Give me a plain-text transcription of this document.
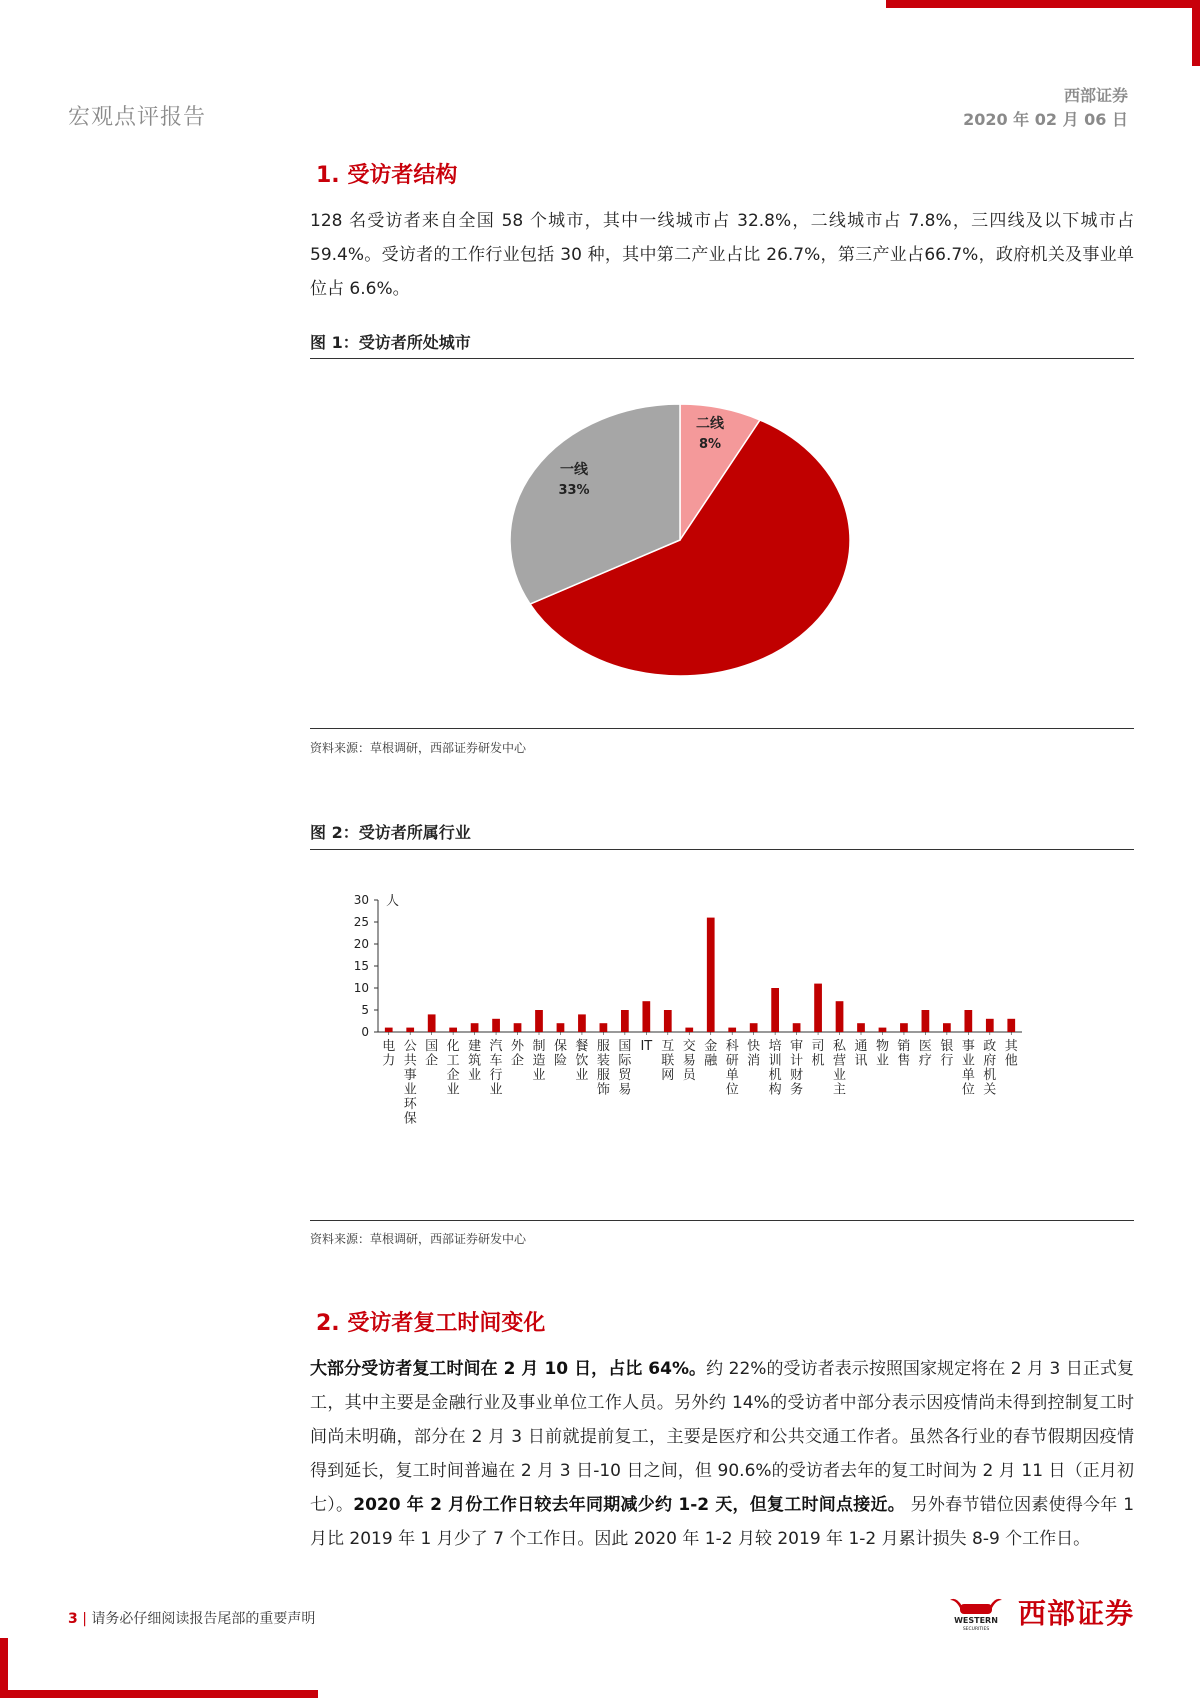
宏观点评报告
西部证券
2020 年 02 月 06 日
1. 受访者结构
128 名受访者来自全国 58 个城市，其中一线城市占 32.8%，二线城市占 7.8%，三四线及以下城市占 59.4%。受访者的工作行业包括 30 种，其中第二产业占比 26.7%，第三产业占66.7%，政府机关及事业单位占 6.6%。
图 1：受访者所处城市
二线
8%
三四线及以下
59%
一线
33%
资料来源：草根调研，西部证券研发中心
图 2：受访者所属行业
0
5
10
15
20
25
30 人
电力
公共事业环保
国企
化工企业
建筑业
汽车行业
外企
制造业
保险
餐饮业
服装服饰
国际贸易
IT 互联网
交易员
金融
科研单位
快消
培训机构
审计财务
司机
私营业主
通讯
物业
销售
医疗
银行
事业单位
政府机关
其他
资料来源：草根调研，西部证券研发中心
2. 受访者复工时间变化
大部分受访者复工时间在 2 月 10 日，占比 64%。约 22%的受访者表示按照国家规定将在 2 月 3 日正式复工，其中主要是金融行业及事业单位工作人员。另外约 14%的受访者中部分表示因疫情尚未得到控制复工时间尚未明确，部分在 2 月 3 日前就提前复工，主要是医疗和公共交通工作者。虽然各行业的春节假期因疫情得到延长，复工时间普遍在 2 月 3 日-10 日之间，但 90.6%的受访者去年的复工时间为 2 月 11 日（正月初七）。2020 年 2 月份工作日较去年同期减少约 1-2 天，但复工时间点接近。 另外春节错位因素使得今年 1 月比 2019 年 1 月少了 7 个工作日。因此 2020 年 1-2 月较 2019 年 1-2 月累计损失 8-9 个工作日。
3 | 请务必仔细阅读报告尾部的重要声明	WESTERN
SECURITIES 西部证券
